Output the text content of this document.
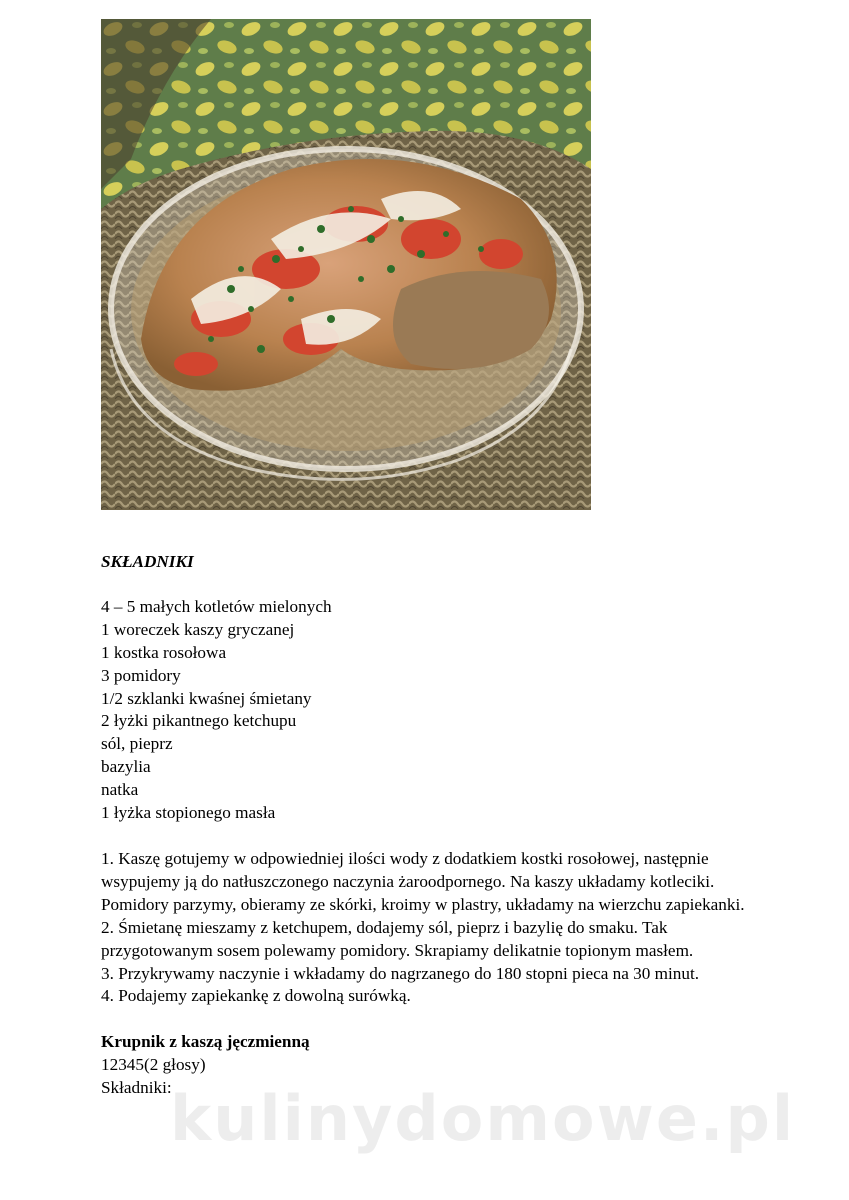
SKŁADNIKI

4 – 5 małych kotletów mielonych

1 woreczek kaszy gryczanej

1 kostka rosołowa

3 pomidory

1/2 szklanki kwaśnej śmietany

2 łyżki pikantnego ketchupu

sól, pieprz

bazylia

natka

1 łyżka stopionego masła

1. Kaszę gotujemy w odpowiedniej ilości wody z dodatkiem kostki rosołowej, następnie wsypujemy ją do natłuszczonego naczynia żaroodpornego. Na kaszy układamy kotleciki. Pomidory parzymy, obieramy ze skórki, kroimy w plastry, układamy na wierzchu zapiekanki.

2. Śmietanę mieszamy z ketchupem, dodajemy sól, pieprz i bazylię do smaku. Tak przygotowanym sosem polewamy pomidory. Skrapiamy delikatnie topionym masłem.

3. Przykrywamy naczynie i wkładamy do nagrzanego do 180 stopni pieca na 30 minut.

4. Podajemy zapiekankę z dowolną surówką.

Krupnik z kaszą jęczmienną
12345(2 głosy)
Składniki:
kulinydomowe.pl
